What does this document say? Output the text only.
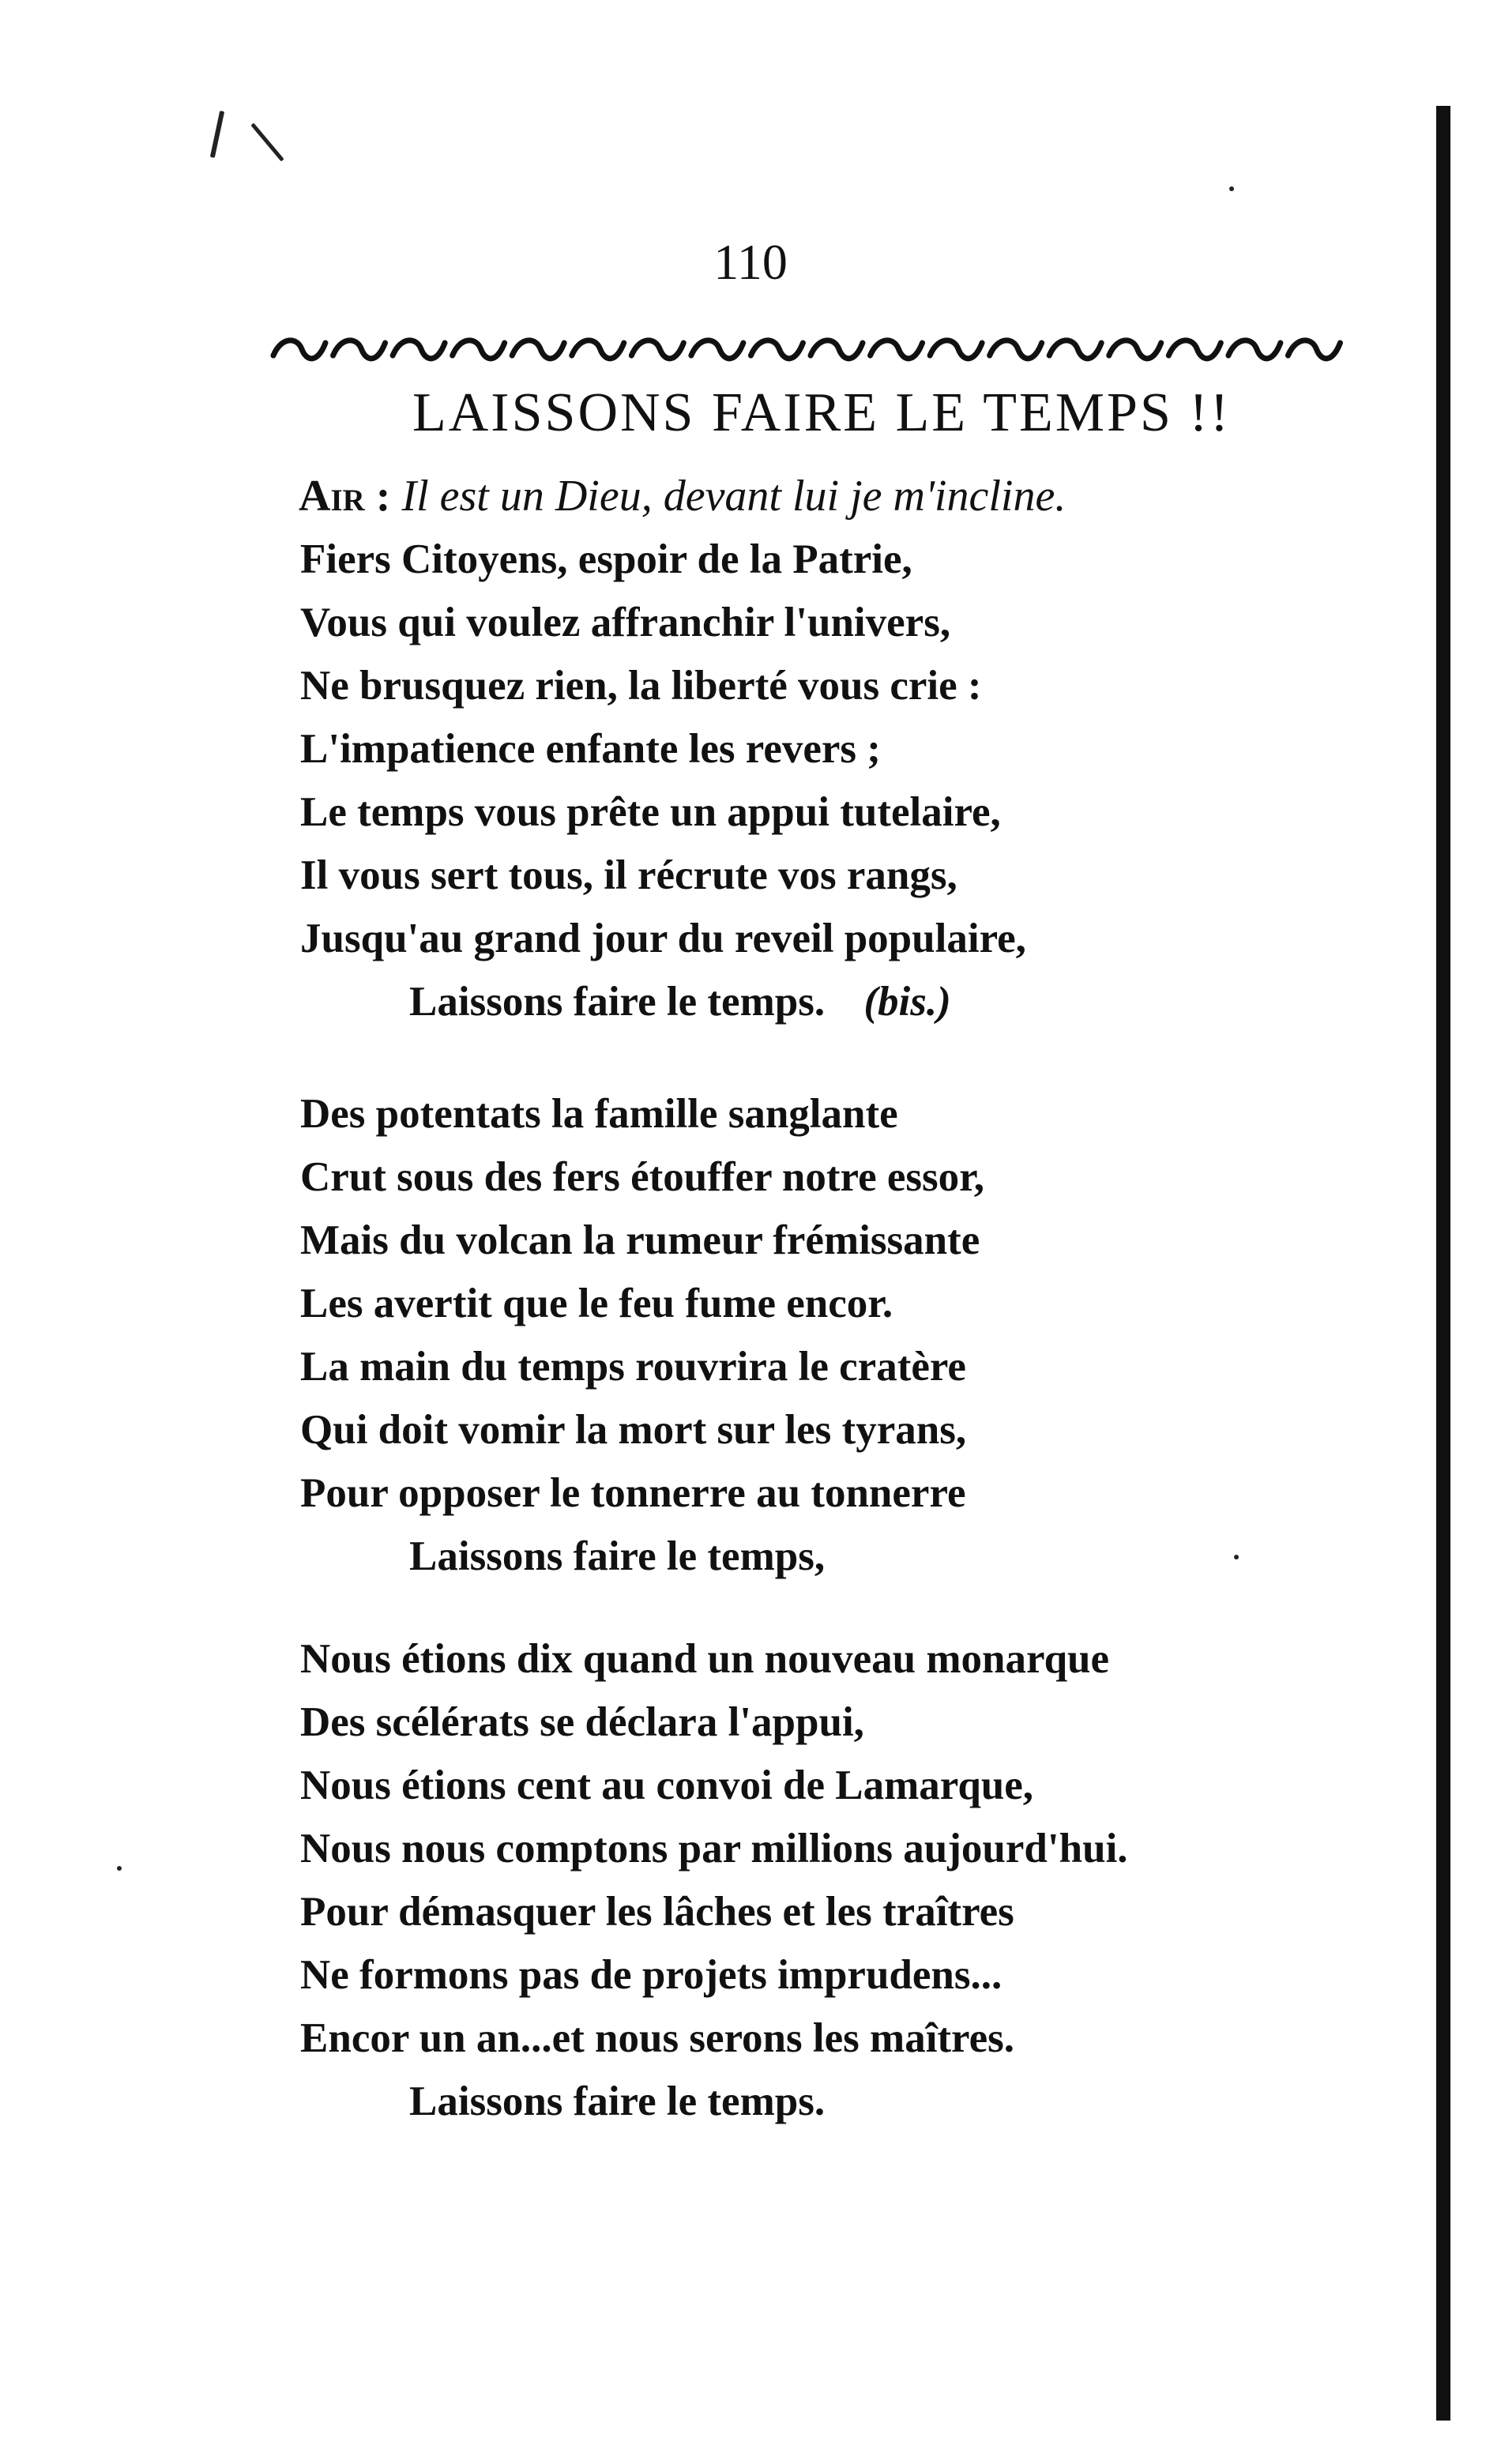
110
LAISSONS FAIRE LE TEMPS !!
Air : Il est un Dieu, devant lui je m'incline.
Fiers Citoyens, espoir de la Patrie,
Vous qui voulez affranchir l'univers,
Ne brusquez rien, la liberté vous crie :
L'impatience enfante les revers ;
Le temps vous prête un appui tutelaire,
Il vous sert tous, il récrute vos rangs,
Jusqu'au grand jour du reveil populaire,
Laissons faire le temps. (bis.)
Des potentats la famille sanglante
Crut sous des fers étouffer notre essor,
Mais du volcan la rumeur frémissante
Les avertit que le feu fume encor.
La main du temps rouvrira le cratère
Qui doit vomir la mort sur les tyrans,
Pour opposer le tonnerre au tonnerre
Laissons faire le temps,
Nous étions dix quand un nouveau monarque
Des scélérats se déclara l'appui,
Nous étions cent au convoi de Lamarque,
Nous nous comptons par millions aujourd'hui.
Pour démasquer les lâches et les traîtres
Ne formons pas de projets imprudens...
Encor un an...et nous serons les maîtres.
Laissons faire le temps.
